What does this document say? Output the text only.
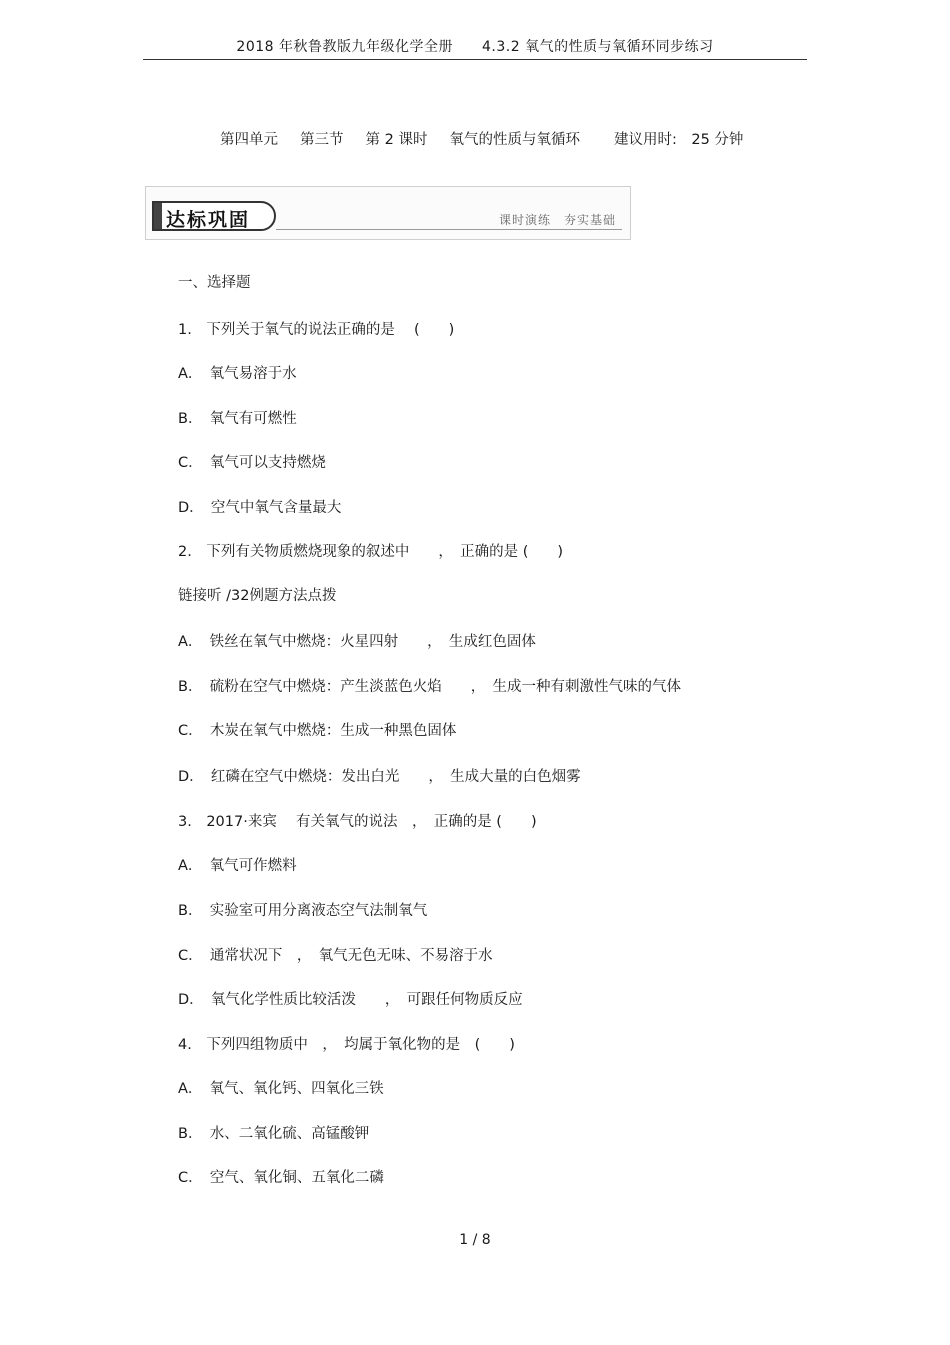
2018 年秋鲁教版九年级化学全册　　4.3.2 氧气的性质与氧循环同步练习
第四单元 第三节 第 2 课时 氧气的性质与氧循环 建议用时:　25 分钟
达标巩固	课时演练　夯实基础
一、选择题
1.　下列关于氧气的说法正确的是　 (　　)
A．　氧气易溶于水
B．　氧气有可燃性
C．　氧气可以支持燃烧
D．　空气中氧气含量最大
2.　下列有关物质燃烧现象的叙述中　　，　正确的是 (　　)
链接听 /32例题方法点拨
A．　铁丝在氧气中燃烧：火星四射　　，　生成红色固体
B．　硫粉在空气中燃烧：产生淡蓝色火焰　　，　生成一种有刺激性气味的气体
C．　木炭在氧气中燃烧：生成一种黑色固体
D．　红磷在空气中燃烧：发出白光　　，　生成大量的白色烟雾
3.　2017·来宾　 有关氧气的说法　，　正确的是 (　　)
A．　氧气可作燃料
B．　实验室可用分离液态空气法制氧气
C．　通常状况下　，　氧气无色无味、不易溶于水
D．　氧气化学性质比较活泼　　，　可跟任何物质反应
4.　下列四组物质中　，　均属于氧化物的是　(　　)
A．　氧气、氧化钙、四氧化三铁
B．　水、二氧化硫、高锰酸钾
C．　空气、氧化铜、五氧化二磷
1 / 8
